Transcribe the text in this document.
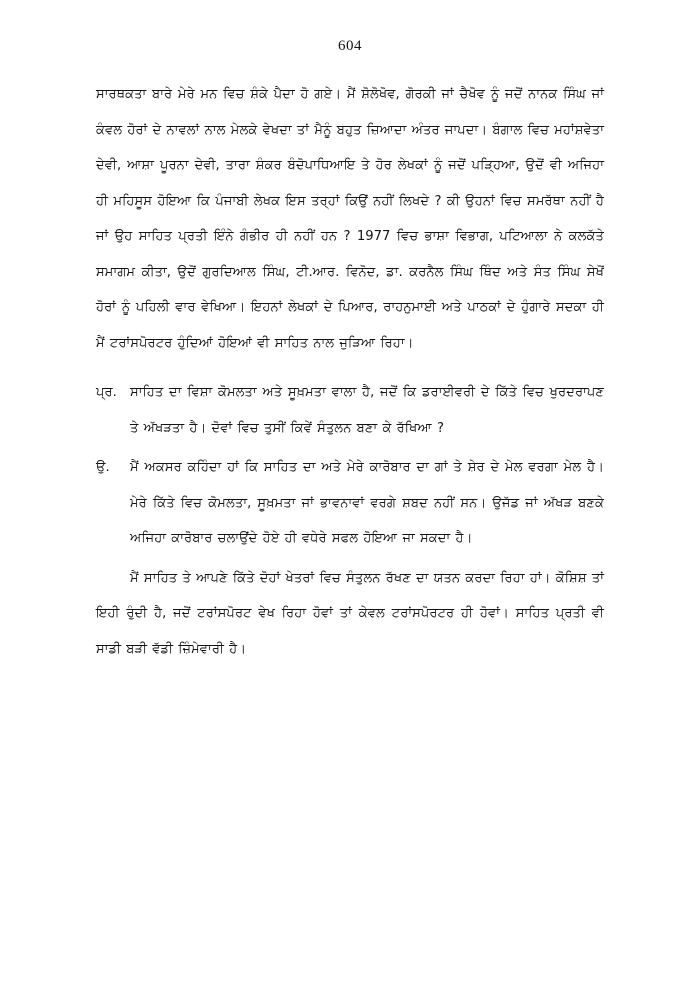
604

ਸਾਰਥਕਤਾ ਬਾਰੇ ਮੇਰੇ ਮਨ ਵਿਚ ਸ਼ੰਕੇ ਪੈਦਾ ਹੋ ਗਏ। ਮੈਂ ਸ਼ੋਲੋਖੋਵ, ਗੋਰਕੀ ਜਾਂ ਚੈਖੋਵ ਨੂੰ ਜਦੋਂ ਨਾਨਕ ਸਿੰਘ ਜਾਂ ਕੰਵਲ ਹੋਰਾਂ ਦੇ ਨਾਵਲਾਂ ਨਾਲ ਮੇਲਕੇ ਵੇਖਦਾ ਤਾਂ ਮੈਨੂੰ ਬਹੁਤ ਜ਼ਿਆਦਾ ਅੰਤਰ ਜਾਪਦਾ। ਬੰਗਾਲ ਵਿਚ ਮਹਾਂਸ਼ਵੇਤਾ ਦੇਵੀ, ਆਸ਼ਾ ਪੂਰਨਾ ਦੇਵੀ, ਤਾਰਾ ਸ਼ੰਕਰ ਬੰਦੋਪਾਧਿਆਇ ਤੇ ਹੋਰ ਲੇਖਕਾਂ ਨੂੰ ਜਦੋਂ ਪੜ੍ਹਿਆ, ਉਦੋਂ ਵੀ ਅਜਿਹਾ ਹੀ ਮਹਿਸੂਸ ਹੋਇਆ ਕਿ ਪੰਜਾਬੀ ਲੇਖਕ ਇਸ ਤਰ੍ਹਾਂ ਕਿਉਂ ਨਹੀਂ ਲਿਖਦੇ ? ਕੀ ਉਹਨਾਂ ਵਿਚ ਸਮਰੱਥਾ ਨਹੀਂ ਹੈ ਜਾਂ ਉਹ ਸਾਹਿਤ ਪ੍ਰਤੀ ਇੰਨੇ ਗੰਭੀਰ ਹੀ ਨਹੀਂ ਹਨ ? 1977 ਵਿਚ ਭਾਸ਼ਾ ਵਿਭਾਗ, ਪਟਿਆਲਾ ਨੇ ਕਲਕੱਤੇ ਸਮਾਗਮ ਕੀਤਾ, ਉਦੋਂ ਗੁਰਦਿਆਲ ਸਿੰਘ, ਟੀ.ਆਰ. ਵਿਨੋਦ, ਡਾ. ਕਰਨੈਲ ਸਿੰਘ ਥਿੰਦ ਅਤੇ ਸੰਤ ਸਿੰਘ ਸੇਖੋਂ ਹੋਰਾਂ ਨੂੰ ਪਹਿਲੀ ਵਾਰ ਵੇਖਿਆ। ਇਹਨਾਂ ਲੇਖਕਾਂ ਦੇ ਪਿਆਰ, ਰਾਹਨੁਮਾਈ ਅਤੇ ਪਾਠਕਾਂ ਦੇ ਹੁੰਗਾਰੇ ਸਦਕਾ ਹੀ ਮੈਂ ਟਰਾਂਸਪੋਰਟਰ ਹੁੰਦਿਆਂ ਹੋਇਆਂ ਵੀ ਸਾਹਿਤ ਨਾਲ ਜੁੜਿਆ ਰਿਹਾ।

ਪ੍ਰ. ਸਾਹਿਤ ਦਾ ਵਿਸ਼ਾ ਕੋਮਲਤਾ ਅਤੇ ਸੂਖ਼ਮਤਾ ਵਾਲਾ ਹੈ, ਜਦੋਂ ਕਿ ਡਰਾਈਵਰੀ ਦੇ ਕਿੱਤੇ ਵਿਚ ਖੁਰਦਰਾਪਣ ਤੇ ਅੱਖੜਤਾ ਹੈ। ਦੋਵਾਂ ਵਿਚ ਤੁਸੀਂ ਕਿਵੇਂ ਸੰਤੁਲਨ ਬਣਾ ਕੇ ਰੱਖਿਆ ?
ਉ.	ਮੈਂ ਅਕਸਰ ਕਹਿੰਦਾ ਹਾਂ ਕਿ ਸਾਹਿਤ ਦਾ ਅਤੇ ਮੇਰੇ ਕਾਰੋਬਾਰ ਦਾ ਗਾਂ ਤੇ ਸ਼ੇਰ ਦੇ ਮੇਲ ਵਰਗਾ ਮੇਲ ਹੈ। ਮੇਰੇ ਕਿੱਤੇ ਵਿਚ ਕੋਮਲਤਾ, ਸੂਖ਼ਮਤਾ ਜਾਂ ਭਾਵਨਾਵਾਂ ਵਰਗੇ ਸ਼ਬਦ ਨਹੀਂ ਸਨ। ਉਜੱਡ ਜਾਂ ਅੱਖੜ ਬਣਕੇ ਅਜਿਹਾ ਕਾਰੋਬਾਰ ਚਲਾਉਂਦੇ ਹੋਏ ਹੀ ਵਧੇਰੇ ਸਫਲ ਹੋਇਆ ਜਾ ਸਕਦਾ ਹੈ।

ਮੈਂ ਸਾਹਿਤ ਤੇ ਆਪਣੇ ਕਿੱਤੇ ਦੋਹਾਂ ਖੇਤਰਾਂ ਵਿਚ ਸੰਤੁਲਨ ਰੱਖਣ ਦਾ ਯਤਨ ਕਰਦਾ ਰਿਹਾ ਹਾਂ। ਕੋਸ਼ਿਸ਼ ਤਾਂ ਇਹੀ ਰੁੰਦੀ ਹੈ, ਜਦੋਂ ਟਰਾਂਸਪੋਰਟ ਵੇਖ ਰਿਹਾ ਹੋਵਾਂ ਤਾਂ ਕੇਵਲ ਟਰਾਂਸਪੋਰਟਰ ਹੀ ਹੋਵਾਂ। ਸਾਹਿਤ ਪ੍ਰਤੀ ਵੀ ਸਾਡੀ ਬੜੀ ਵੱਡੀ ਜ਼ਿੰਮੇਵਾਰੀ ਹੈ।
